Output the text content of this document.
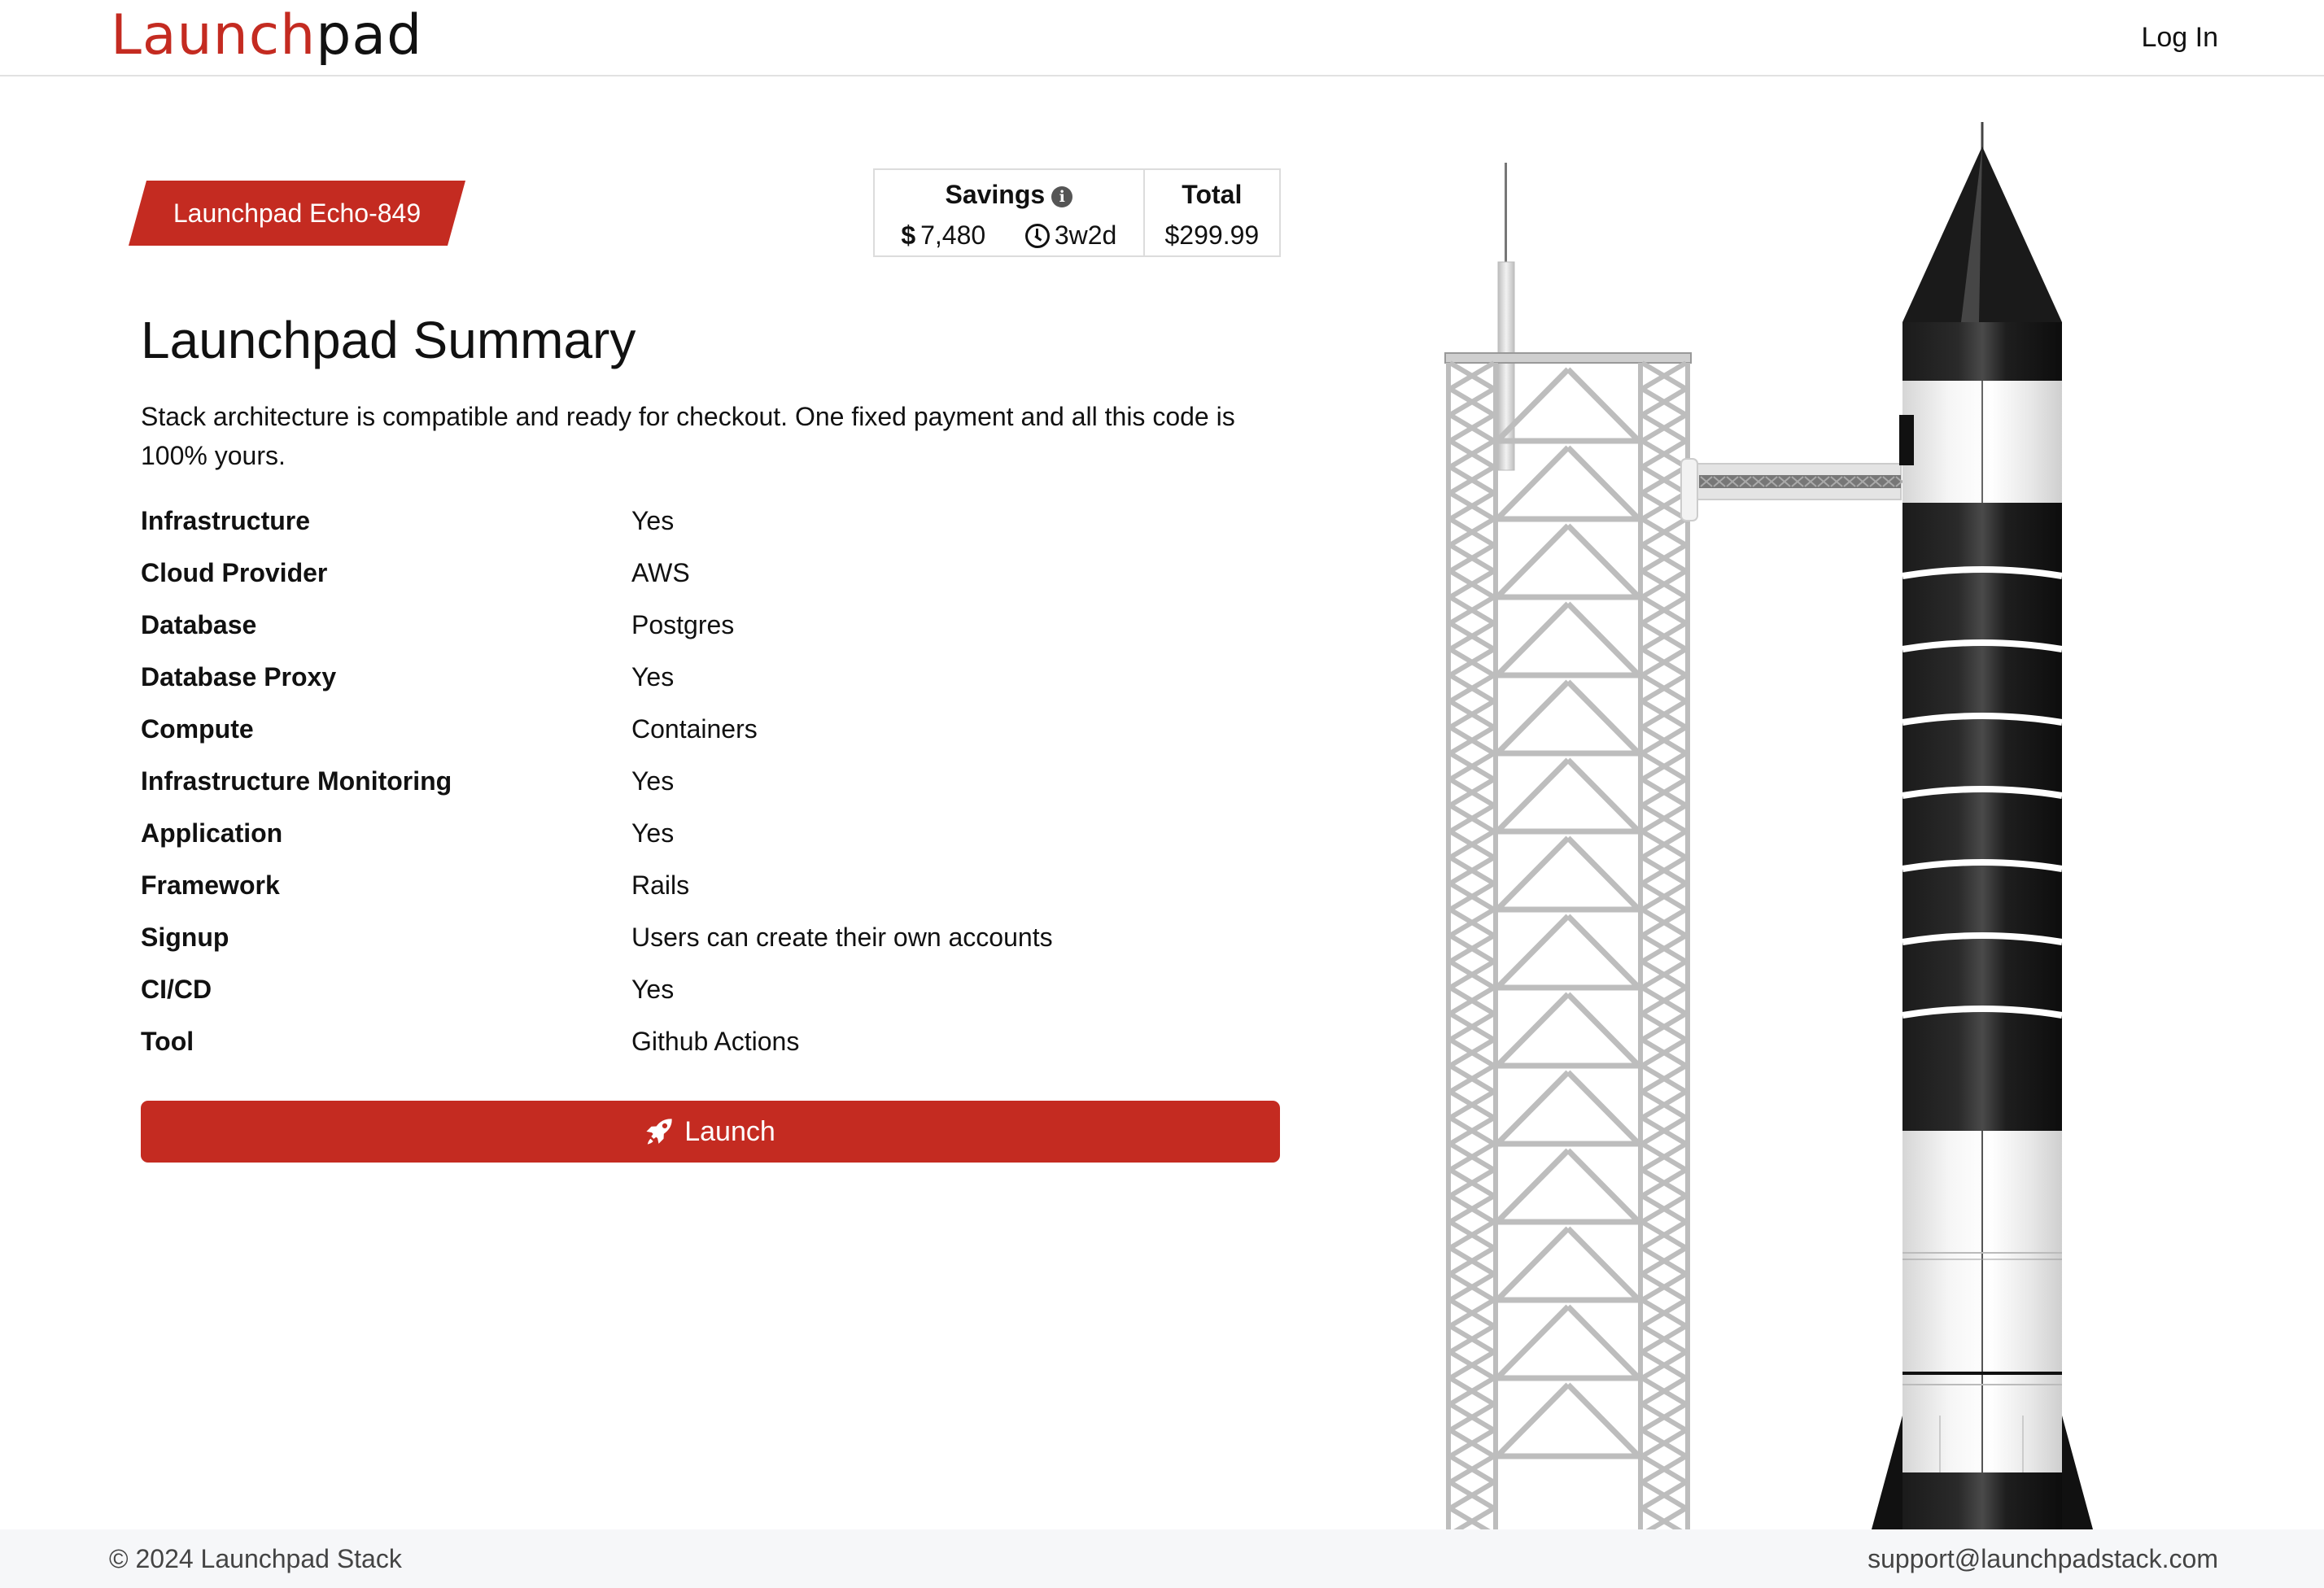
Launchpad	Log In
Launchpad Echo-849
Savings i
$ 7,480	3w2d
Total
$299.99
Launchpad Summary

Stack architecture is compatible and ready for checkout. One fixed payment and all this code is 100% yours.

Infrastructure	Yes
Cloud Provider	AWS
Database	Postgres
Database Proxy	Yes
Compute	Containers
Infrastructure Monitoring	Yes
Application	Yes
Framework	Rails
Signup	Users can create their own accounts
CI/CD	Yes
Tool	Github Actions
Launch
© 2024 Launchpad Stack	support@launchpadstack.com
